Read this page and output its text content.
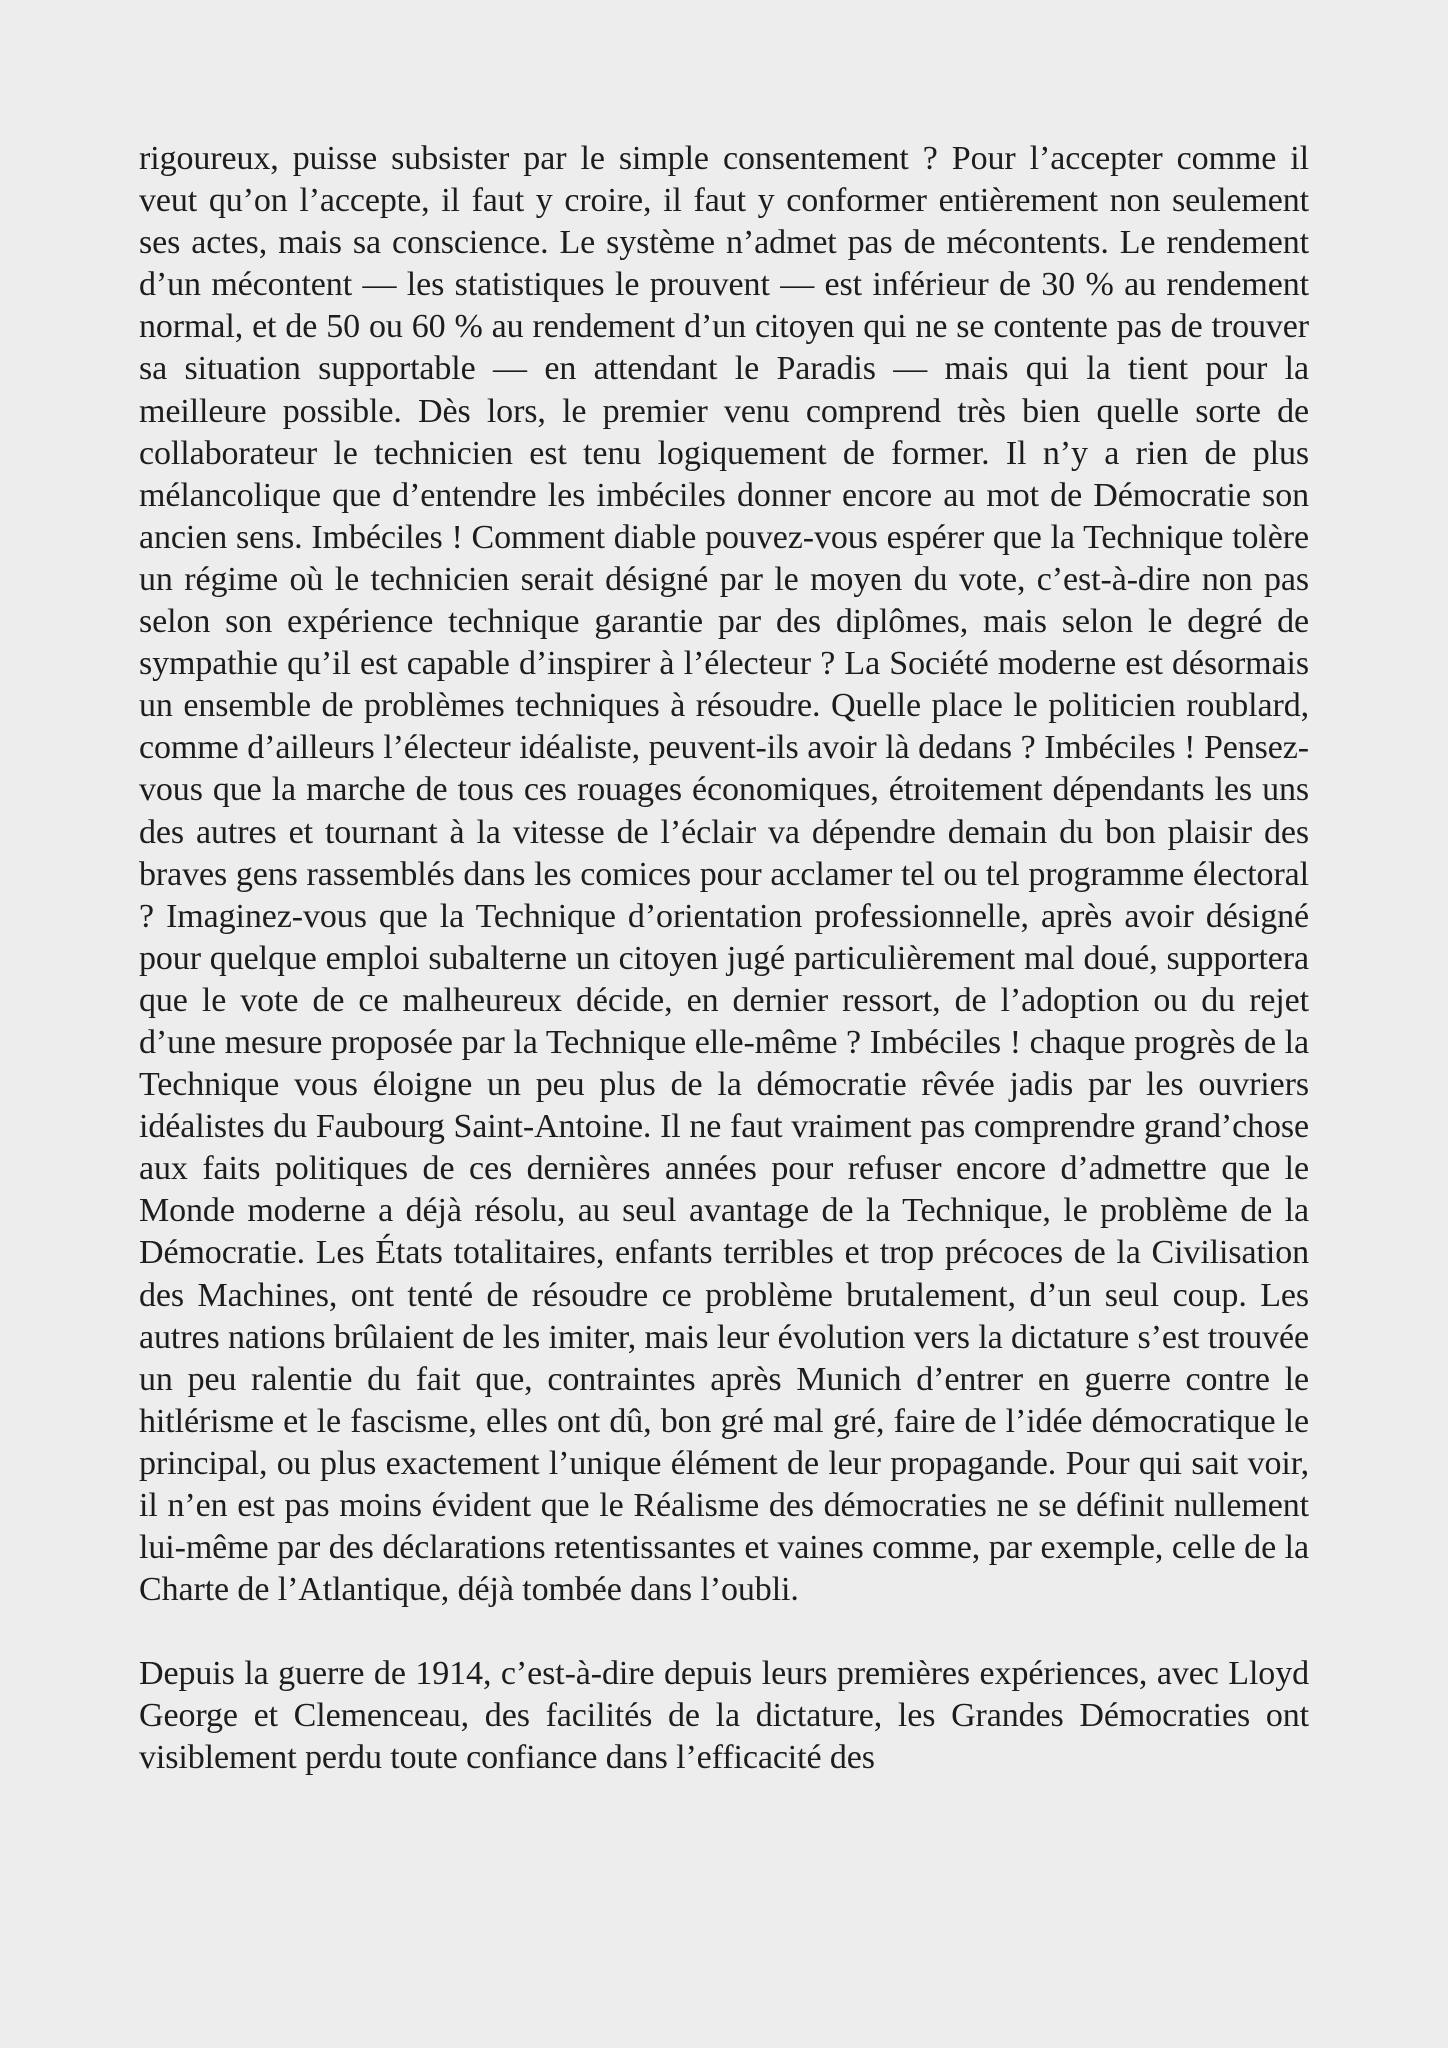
rigoureux, puisse subsister par le simple consentement ? Pour l’accepter comme il veut qu’on l’accepte, il faut y croire, il faut y conformer entièrement non seulement ses actes, mais sa conscience. Le système n’admet pas de mécontents. Le rendement d’un mécontent — les statistiques le prouvent — est inférieur de 30 % au rendement normal, et de 50 ou 60 % au rendement d’un citoyen qui ne se contente pas de trouver sa situation supportable — en attendant le Paradis — mais qui la tient pour la meilleure possible. Dès lors, le premier venu comprend très bien quelle sorte de collaborateur le technicien est tenu logiquement de former. Il n’y a rien de plus mélancolique que d’entendre les imbéciles donner encore au mot de Démocratie son ancien sens. Imbéciles ! Comment diable pouvez-vous espérer que la Technique tolère un régime où le technicien serait désigné par le moyen du vote, c’est-à-dire non pas selon son expérience technique garantie par des diplômes, mais selon le degré de sympathie qu’il est capable d’inspirer à l’électeur ? La Société moderne est désormais un ensemble de problèmes techniques à résoudre. Quelle place le politicien roublard, comme d’ailleurs l’électeur idéaliste, peuvent-ils avoir là dedans ? Imbéciles ! Pensez-vous que la marche de tous ces rouages économiques, étroitement dépendants les uns des autres et tournant à la vitesse de l’éclair va dépendre demain du bon plaisir des braves gens rassemblés dans les comices pour acclamer tel ou tel programme électoral ? Imaginez-vous que la Technique d’orientation professionnelle, après avoir désigné pour quelque emploi subalterne un citoyen jugé particulièrement mal doué, supportera que le vote de ce malheureux décide, en dernier ressort, de l’adoption ou du rejet d’une mesure proposée par la Technique elle-même ? Imbéciles ! chaque progrès de la Technique vous éloigne un peu plus de la démocratie rêvée jadis par les ouvriers idéalistes du Faubourg Saint-Antoine. Il ne faut vraiment pas comprendre grand’chose aux faits politiques de ces dernières années pour refuser encore d’admettre que le Monde moderne a déjà résolu, au seul avantage de la Technique, le problème de la Démocratie. Les États totalitaires, enfants terribles et trop précoces de la Civilisation des Machines, ont tenté de résoudre ce problème brutalement, d’un seul coup. Les autres nations brûlaient de les imiter, mais leur évolution vers la dictature s’est trouvée un peu ralentie du fait que, contraintes après Munich d’entrer en guerre contre le hitlérisme et le fascisme, elles ont dû, bon gré mal gré, faire de l’idée démocratique le principal, ou plus exactement l’unique élément de leur propagande. Pour qui sait voir, il n’en est pas moins évident que le Réalisme des démocraties ne se définit nullement lui-même par des déclarations retentissantes et vaines comme, par exemple, celle de la Charte de l’Atlantique, déjà tombée dans l’oubli.

Depuis la guerre de 1914, c’est-à-dire depuis leurs premières expériences, avec Lloyd George et Clemenceau, des facilités de la dictature, les Grandes Démocraties ont visiblement perdu toute confiance dans l’efficacité des
